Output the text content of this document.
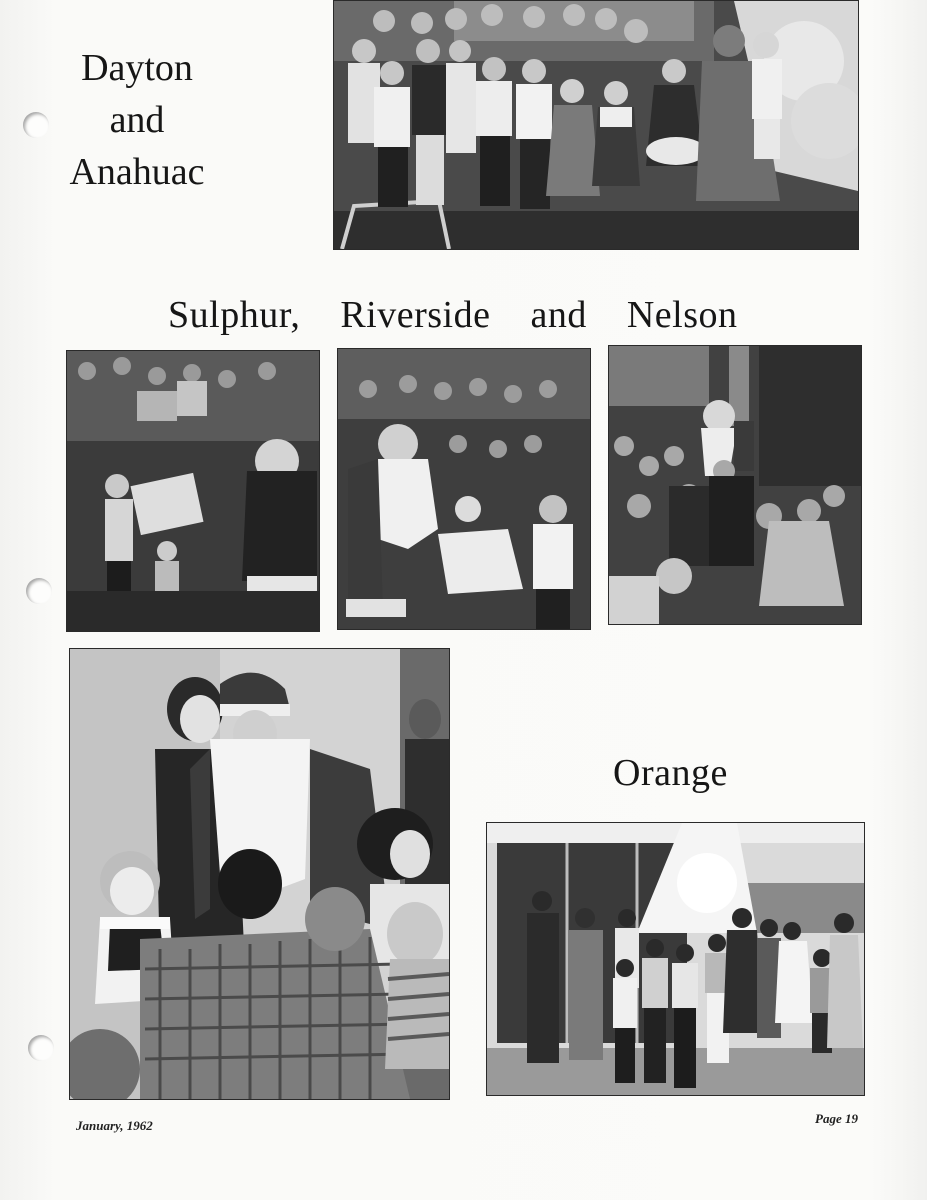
Dayton
and
Anahuac
Sulphur, Riverside and Nelson
Orange
January, 1962	Page 19
